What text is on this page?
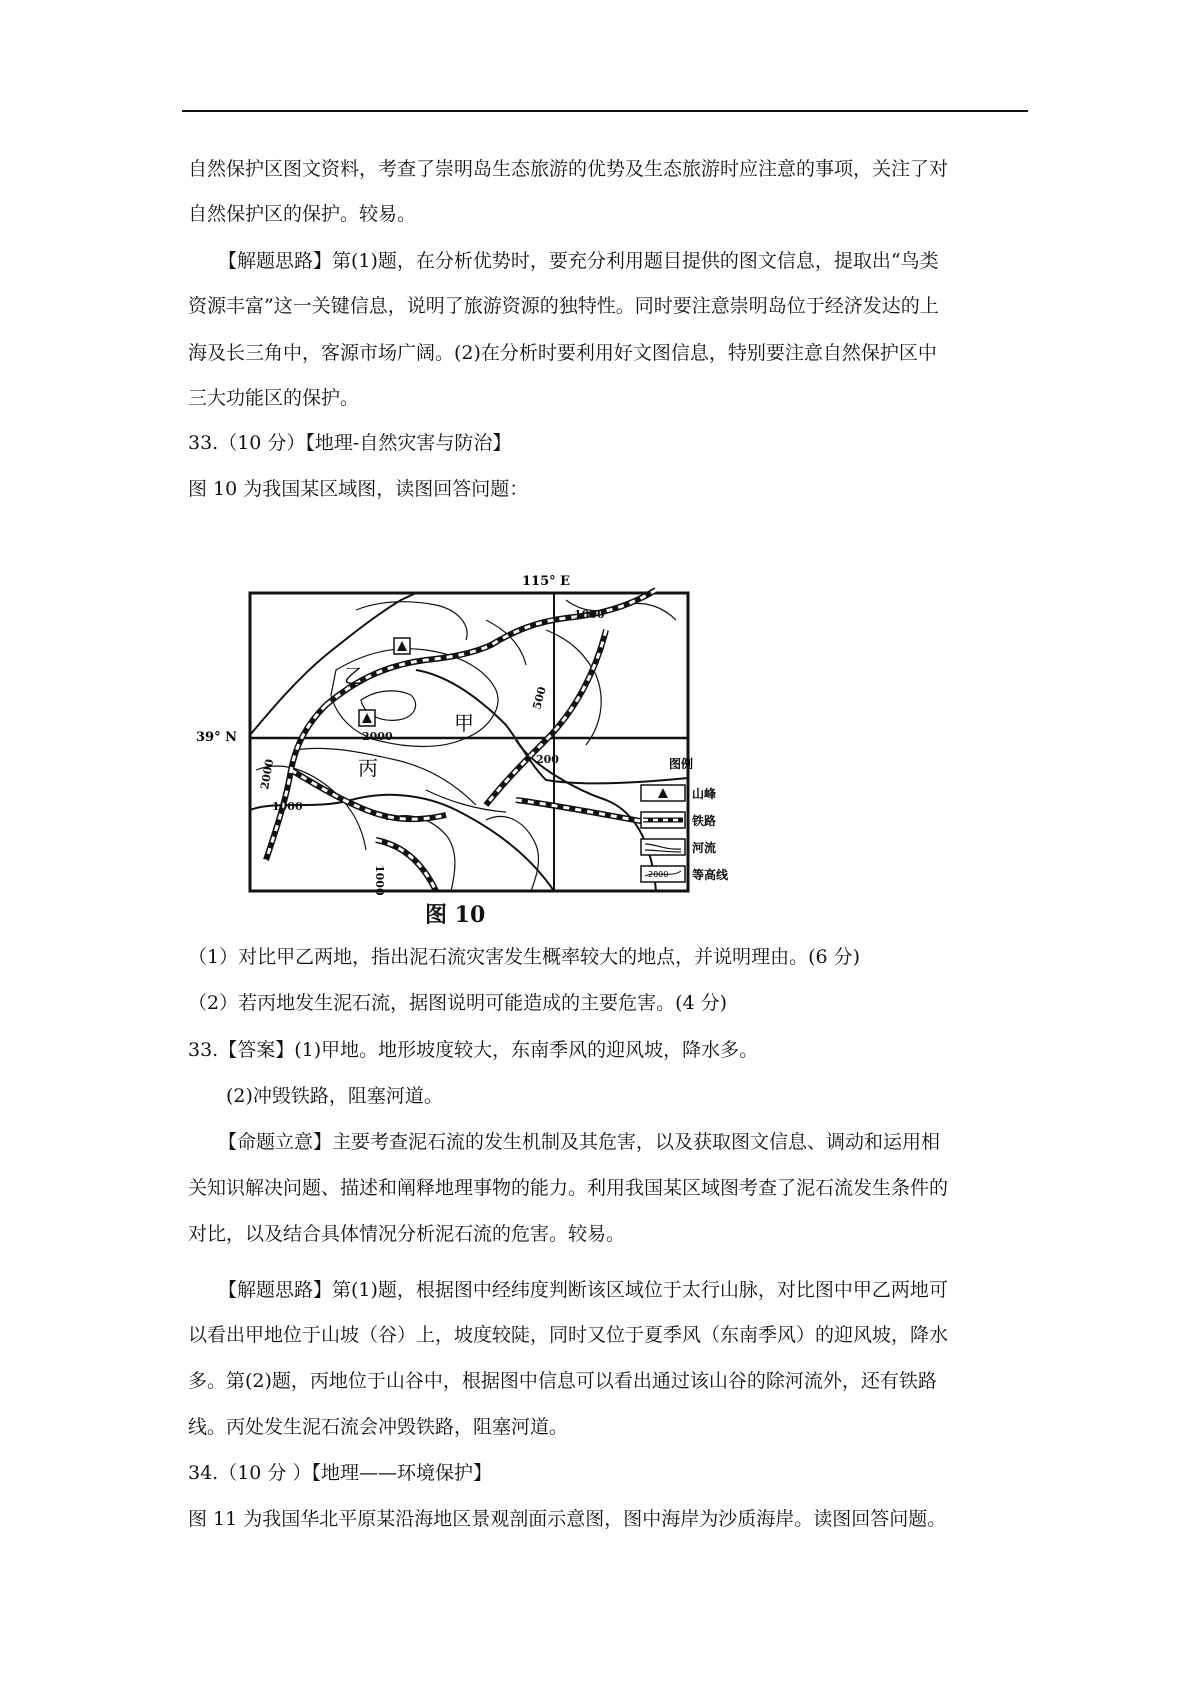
自然保护区图文资料，考查了崇明岛生态旅游的优势及生态旅游时应注意的事项，关注了对

自然保护区的保护。较易。

【解题思路】第(1)题，在分析优势时，要充分利用题目提供的图文信息，提取出“鸟类

资源丰富”这一关键信息，说明了旅游资源的独特性。同时要注意崇明岛位于经济发达的上

海及长三角中，客源市场广阔。(2)在分析时要利用好文图信息，特别要注意自然保护区中

三大功能区的保护。

33.（10 分）【地理-自然灾害与防治】

图 10 为我国某区域图，读图回答问题：

115° E
39° N
乙
甲
丙
1000
500
200
2000
2000
1000
1000
图例
山峰
铁路
河流
2000 等高线
图 10

（1）对比甲乙两地，指出泥石流灾害发生概率较大的地点，并说明理由。(6 分)

（2）若丙地发生泥石流，据图说明可能造成的主要危害。(4 分)

33.【答案】(1)甲地。地形坡度较大，东南季风的迎风坡，降水多。

(2)冲毁铁路，阻塞河道。

【命题立意】主要考查泥石流的发生机制及其危害，以及获取图文信息、调动和运用相

关知识解决问题、描述和阐释地理事物的能力。利用我国某区域图考查了泥石流发生条件的

对比，以及结合具体情况分析泥石流的危害。较易。

【解题思路】第(1)题，根据图中经纬度判断该区域位于太行山脉，对比图中甲乙两地可

以看出甲地位于山坡（谷）上，坡度较陡，同时又位于夏季风（东南季风）的迎风坡，降水

多。第(2)题，丙地位于山谷中，根据图中信息可以看出通过该山谷的除河流外，还有铁路

线。丙处发生泥石流会冲毁铁路，阻塞河道。

34.（10 分 ）【地理——环境保护】

图 11 为我国华北平原某沿海地区景观剖面示意图，图中海岸为沙质海岸。读图回答问题。
